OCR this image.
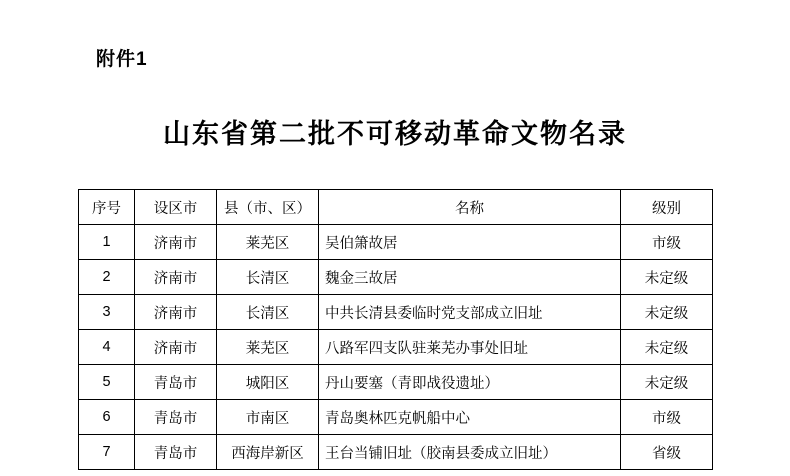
附件1
山东省第二批不可移动革命文物名录
序号	设区市	县（市、区）	名称	级别
1	济南市	莱芜区	吴伯箫故居	市级
2	济南市	长清区	魏金三故居	未定级
3	济南市	长清区	中共长清县委临时党支部成立旧址	未定级
4	济南市	莱芜区	八路军四支队驻莱芜办事处旧址	未定级
5	青岛市	城阳区	丹山要塞（青即战役遗址）	未定级
6	青岛市	市南区	青岛奥林匹克帆船中心	市级
7	青岛市	西海岸新区	王台当铺旧址（胶南县委成立旧址）	省级
